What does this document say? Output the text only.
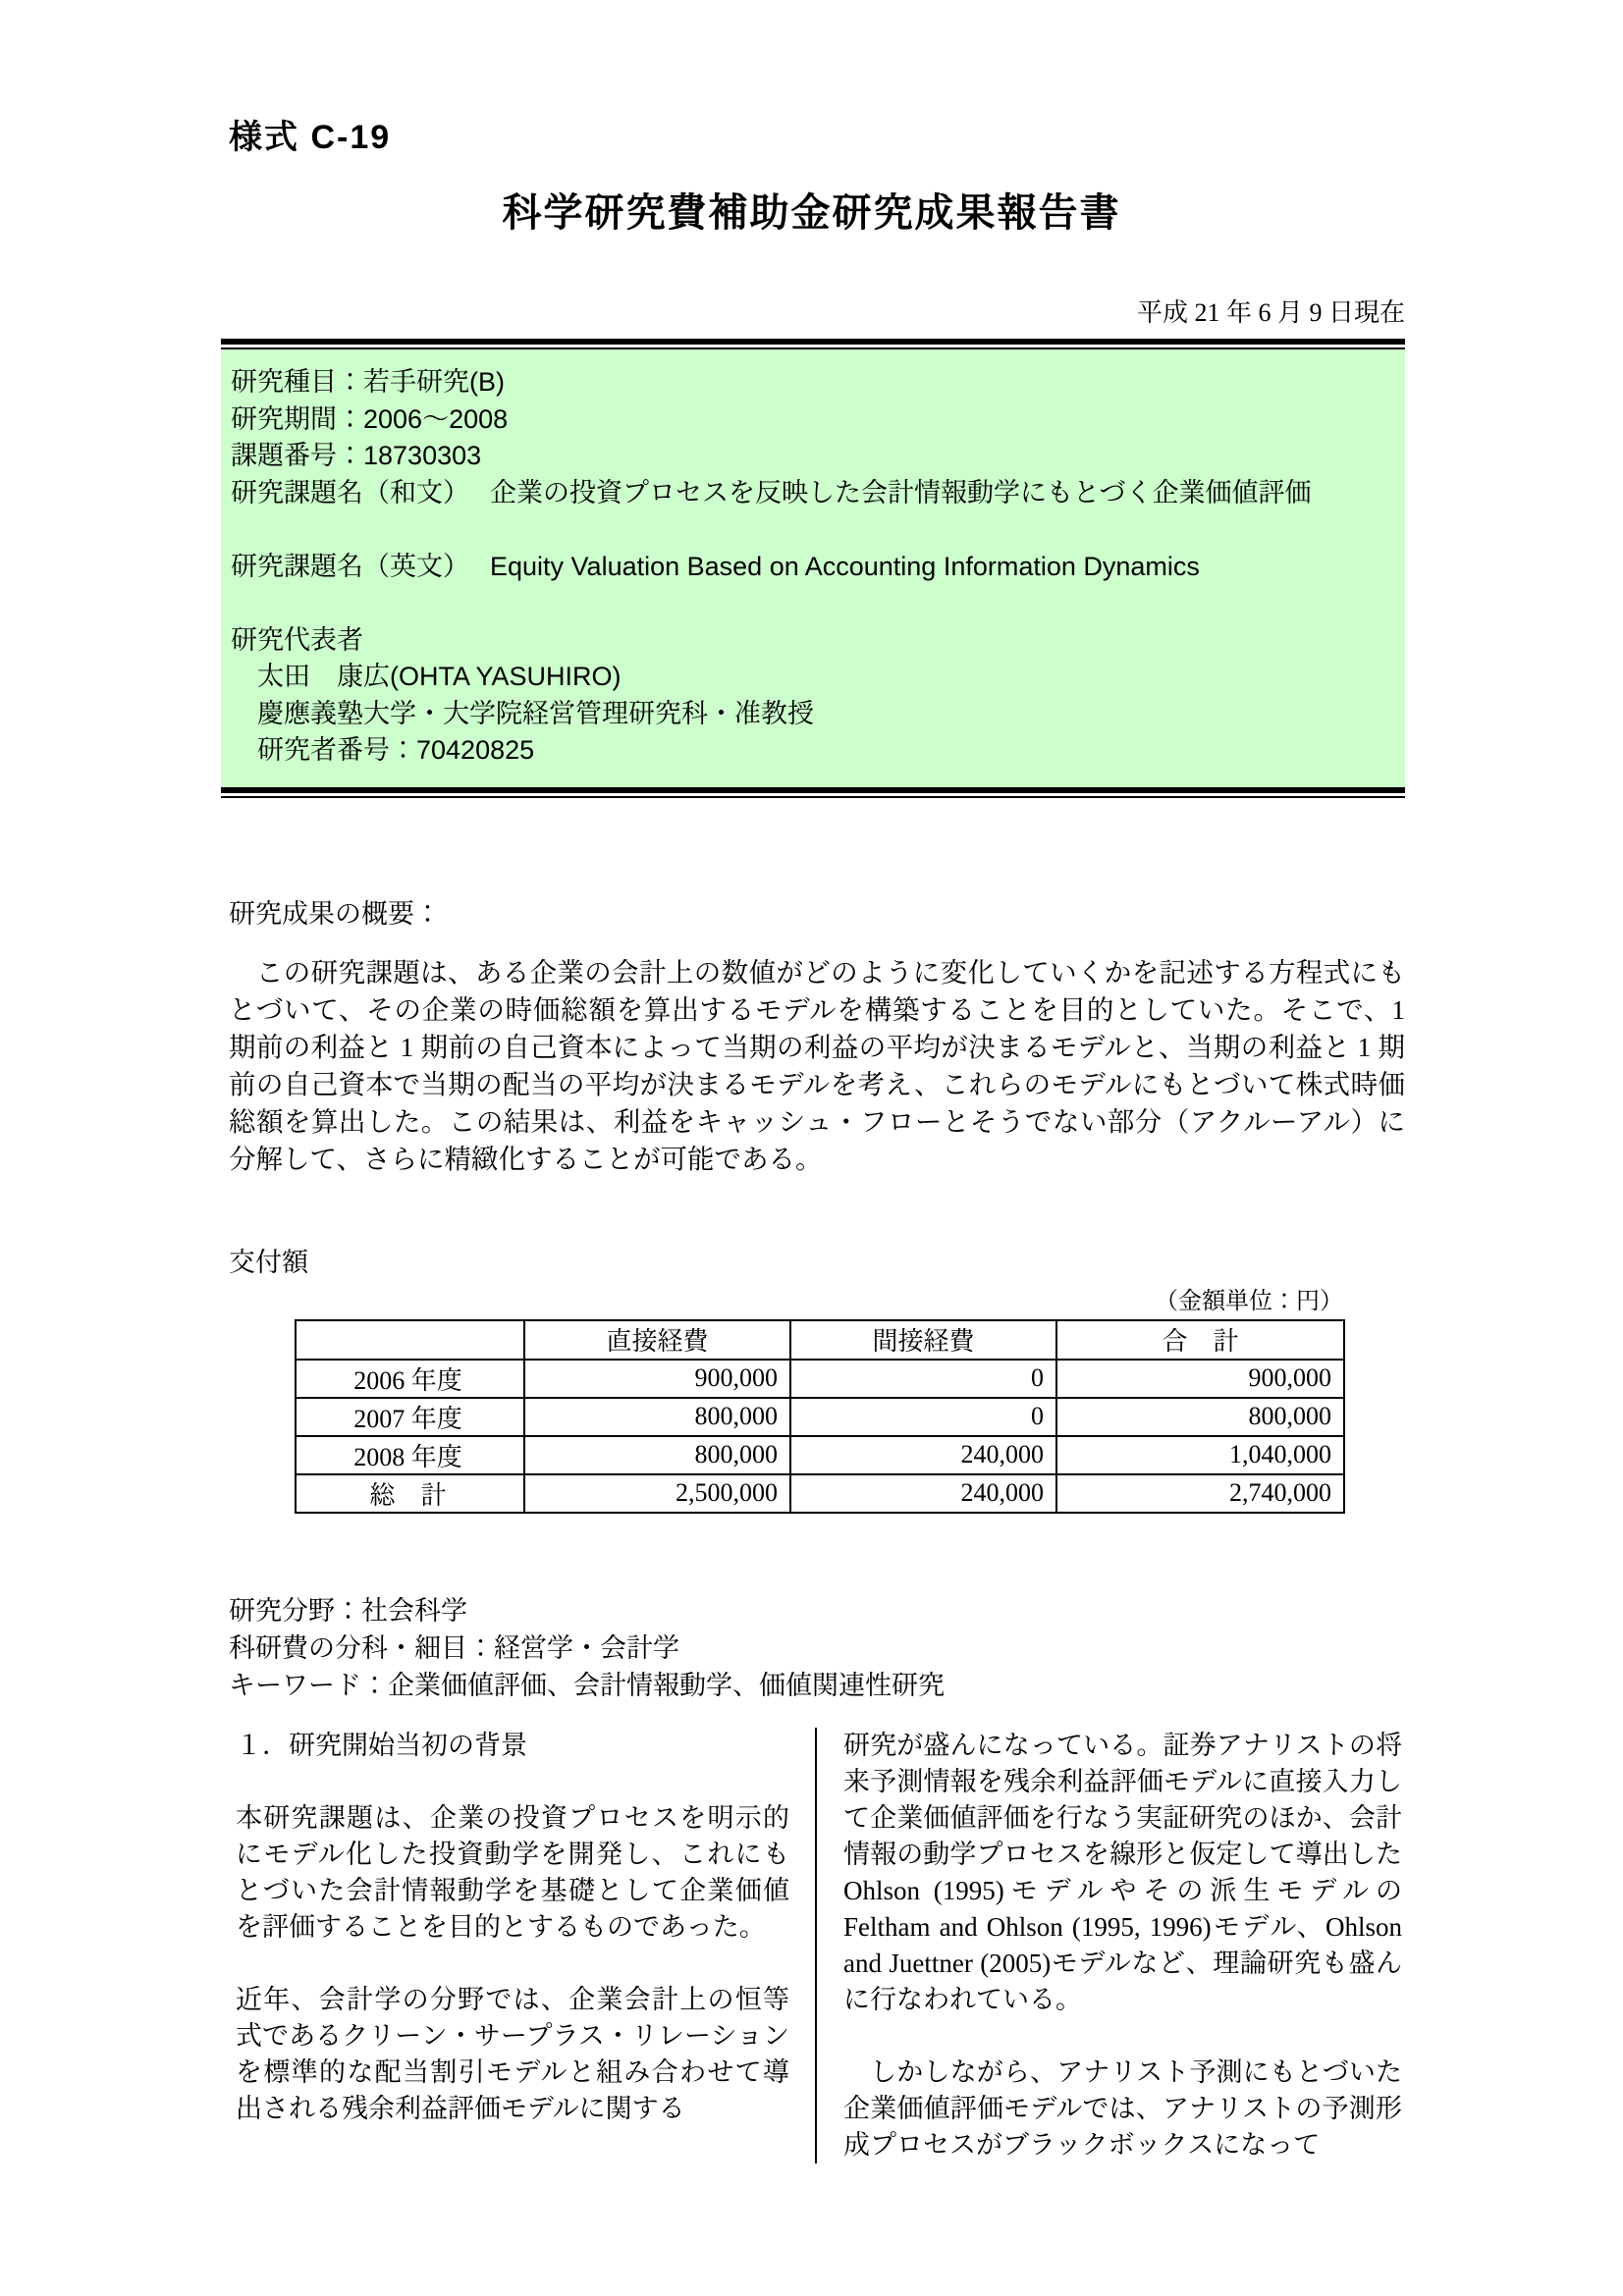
様式 C-19
科学研究費補助金研究成果報告書
平成 21 年 6 月 9 日現在
研究種目：若手研究(B)
研究期間：2006～2008
課題番号：18730303
研究課題名（和文）　 企業の投資プロセスを反映した会計情報動学にもとづく企業価値評価
研究課題名（英文）　 Equity Valuation Based on Accounting Information Dynamics
研究代表者
　太田　康広(OHTA YASUHIRO)
　慶應義塾大学・大学院経営管理研究科・准教授
　研究者番号：70420825
研究成果の概要：

　この研究課題は、ある企業の会計上の数値がどのように変化していくかを記述する方程式にもとづいて、その企業の時価総額を算出するモデルを構築することを目的としていた。そこで、1 期前の利益と 1 期前の自己資本によって当期の利益の平均が決まるモデルと、当期の利益と 1 期前の自己資本で当期の配当の平均が決まるモデルを考え、これらのモデルにもとづいて株式時価総額を算出した。この結果は、利益をキャッシュ・フローとそうでない部分（アクルーアル）に分解して、さらに精緻化することが可能である。

交付額
（金額単位：円）
	直接経費	間接経費	合　計
2006 年度	900,000	0	900,000
2007 年度	800,000	0	800,000
2008 年度	800,000	240,000	1,040,000
総　計	2,500,000	240,000	2,740,000
研究分野：社会科学
科研費の分科・細目：経営学・会計学
キーワード：企業価値評価、会計情報動学、価値関連性研究
１．研究開始当初の背景

本研究課題は、企業の投資プロセスを明示的にモデル化した投資動学を開発し、これにもとづいた会計情報動学を基礎として企業価値を評価することを目的とするものであった。

近年、会計学の分野では、企業会計上の恒等式であるクリーン・サープラス・リレーションを標準的な配当割引モデルと組み合わせて導出される残余利益評価モデルに関する

研究が盛んになっている。証券アナリストの将来予測情報を残余利益評価モデルに直接入力して企業価値評価を行なう実証研究のほか、会計情報の動学プロセスを線形と仮定して導出した Ohlson (1995)モデルやその派生モデルの Feltham and Ohlson (1995, 1996)モデル、Ohlson and Juettner (2005)モデルなど、理論研究も盛んに行なわれている。

　しかしながら、アナリスト予測にもとづいた企業価値評価モデルでは、アナリストの予測形成プロセスがブラックボックスになって
